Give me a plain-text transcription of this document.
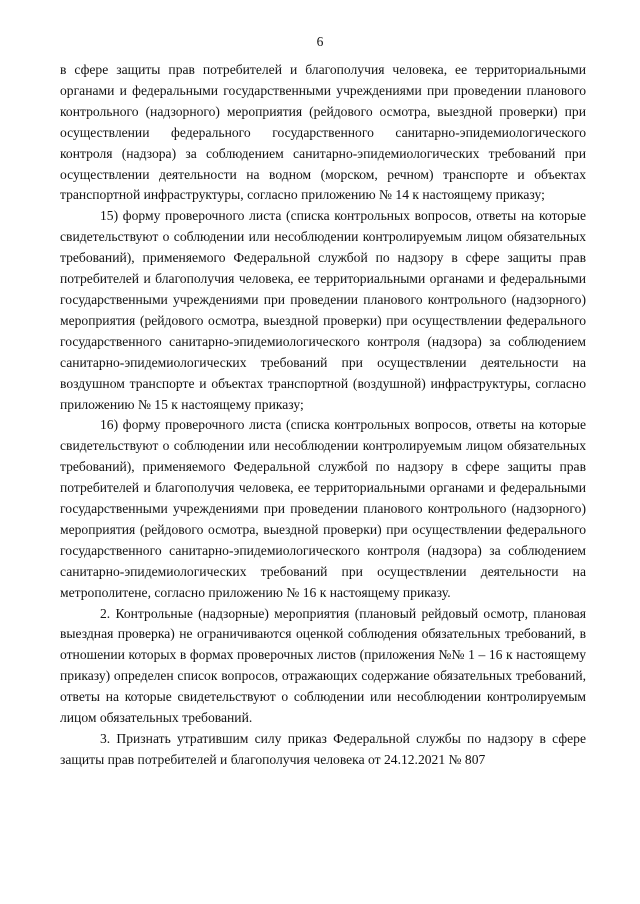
6

в сфере защиты прав потребителей и благополучия человека, ее территориальными органами и федеральными государственными учреждениями при проведении планового контрольного (надзорного) мероприятия (рейдового осмотра, выездной проверки) при осуществлении федерального государственного санитарно-эпидемиологического контроля (надзора) за соблюдением санитарно-эпидемиологических требований при осуществлении деятельности на водном (морском, речном) транспорте и объектах транспортной инфраструктуры, согласно приложению № 14 к настоящему приказу;

15) форму проверочного листа (списка контрольных вопросов, ответы на которые свидетельствуют о соблюдении или несоблюдении контролируемым лицом обязательных требований), применяемого Федеральной службой по надзору в сфере защиты прав потребителей и благополучия человека, ее территориальными органами и федеральными государственными учреждениями при проведении планового контрольного (надзорного) мероприятия (рейдового осмотра, выездной проверки) при осуществлении федерального государственного санитарно-эпидемиологического контроля (надзора) за соблюдением санитарно-эпидемиологических требований при осуществлении деятельности на воздушном транспорте и объектах транспортной (воздушной) инфраструктуры, согласно приложению № 15 к настоящему приказу;

16) форму проверочного листа (списка контрольных вопросов, ответы на которые свидетельствуют о соблюдении или несоблюдении контролируемым лицом обязательных требований), применяемого Федеральной службой по надзору в сфере защиты прав потребителей и благополучия человека, ее территориальными органами и федеральными государственными учреждениями при проведении планового контрольного (надзорного) мероприятия (рейдового осмотра, выездной проверки) при осуществлении федерального государственного санитарно-эпидемиологического контроля (надзора) за соблюдением санитарно-эпидемиологических требований при осуществлении деятельности на метрополитене, согласно приложению № 16 к настоящему приказу.

2. Контрольные (надзорные) мероприятия (плановый рейдовый осмотр, плановая выездная проверка) не ограничиваются оценкой соблюдения обязательных требований, в отношении которых в формах проверочных листов (приложения №№ 1 – 16 к настоящему приказу) определен список вопросов, отражающих содержание обязательных требований, ответы на которые свидетельствуют о соблюдении или несоблюдении контролируемым лицом обязательных требований.

3. Признать утратившим силу приказ Федеральной службы по надзору в сфере защиты прав потребителей и благополучия человека от 24.12.2021 № 807
